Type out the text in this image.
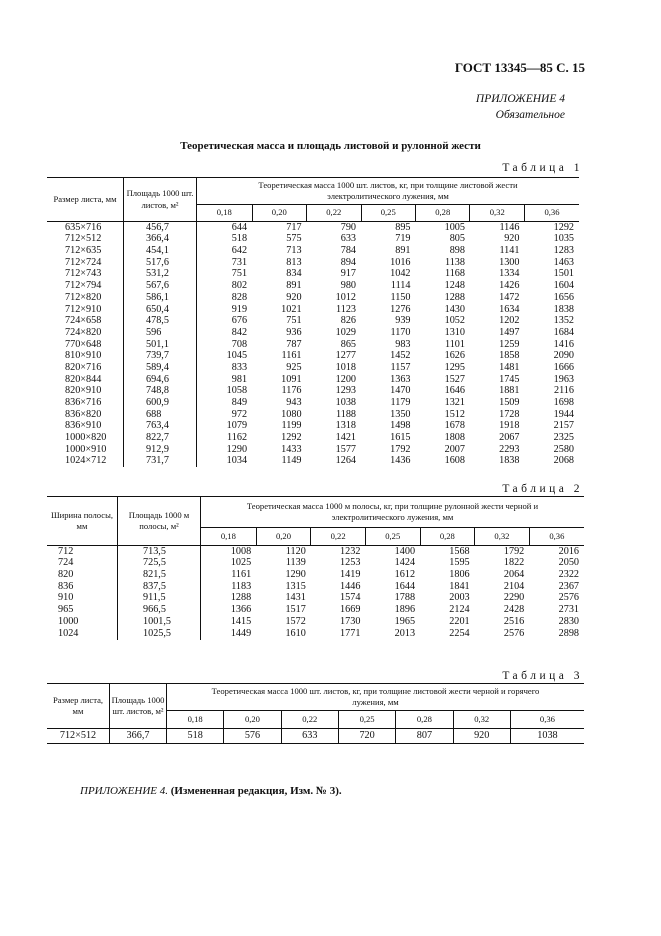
ГОСТ 13345—85 С. 15
ПРИЛОЖЕНИЕ 4
Обязательное
Теоретическая масса и площадь листовой и рулонной жести
Таблица 1
Размер листа, мм	Площадь 1000 шт. листов, м²	Теоретическая масса 1000 шт. листов, кг, при толщине листовой жести электролитического лужения, мм						
		0,18	0,20	0,22	0,25	0,28	0,32	0,36
635×716	456,7	644	717	790	895	1005	1146	1292
712×512	366,4	518	575	633	719	805	920	1035
712×635	454,1	642	713	784	891	898	1141	1283
712×724	517,6	731	813	894	1016	1138	1300	1463
712×743	531,2	751	834	917	1042	1168	1334	1501
712×794	567,6	802	891	980	1114	1248	1426	1604
712×820	586,1	828	920	1012	1150	1288	1472	1656
712×910	650,4	919	1021	1123	1276	1430	1634	1838
724×658	478,5	676	751	826	939	1052	1202	1352
724×820	596	842	936	1029	1170	1310	1497	1684
770×648	501,1	708	787	865	983	1101	1259	1416
810×910	739,7	1045	1161	1277	1452	1626	1858	2090
820×716	589,4	833	925	1018	1157	1295	1481	1666
820×844	694,6	981	1091	1200	1363	1527	1745	1963
820×910	748,8	1058	1176	1293	1470	1646	1881	2116
836×716	600,9	849	943	1038	1179	1321	1509	1698
836×820	688	972	1080	1188	1350	1512	1728	1944
836×910	763,4	1079	1199	1318	1498	1678	1918	2157
1000×820	822,7	1162	1292	1421	1615	1808	2067	2325
1000×910	912,9	1290	1433	1577	1792	2007	2293	2580
1024×712	731,7	1034	1149	1264	1436	1608	1838	2068
Таблица 2
Ширина полосы, мм	Площадь 1000 м полосы, м²	Теоретическая масса 1000 м полосы, кг, при толщине рулонной жести черной и электролитического лужения, мм						
		0,18	0,20	0,22	0,25	0,28	0,32	0,36
712	713,5	1008	1120	1232	1400	1568	1792	2016
724	725,5	1025	1139	1253	1424	1595	1822	2050
820	821,5	1161	1290	1419	1612	1806	2064	2322
836	837,5	1183	1315	1446	1644	1841	2104	2367
910	911,5	1288	1431	1574	1788	2003	2290	2576
965	966,5	1366	1517	1669	1896	2124	2428	2731
1000	1001,5	1415	1572	1730	1965	2201	2516	2830
1024	1025,5	1449	1610	1771	2013	2254	2576	2898
Таблица 3
Размер листа, мм	Площадь 1000 шт. листов, м²	Теоретическая масса 1000 шт. листов, кг, при толщине листовой жести черной и горячего лужения, мм						
		0,18	0,20	0,22	0,25	0,28	0,32	0,36
712×512	366,7	518	576	633	720	807	920	1038
ПРИЛОЖЕНИЕ 4. (Измененная редакция, Изм. № 3).
